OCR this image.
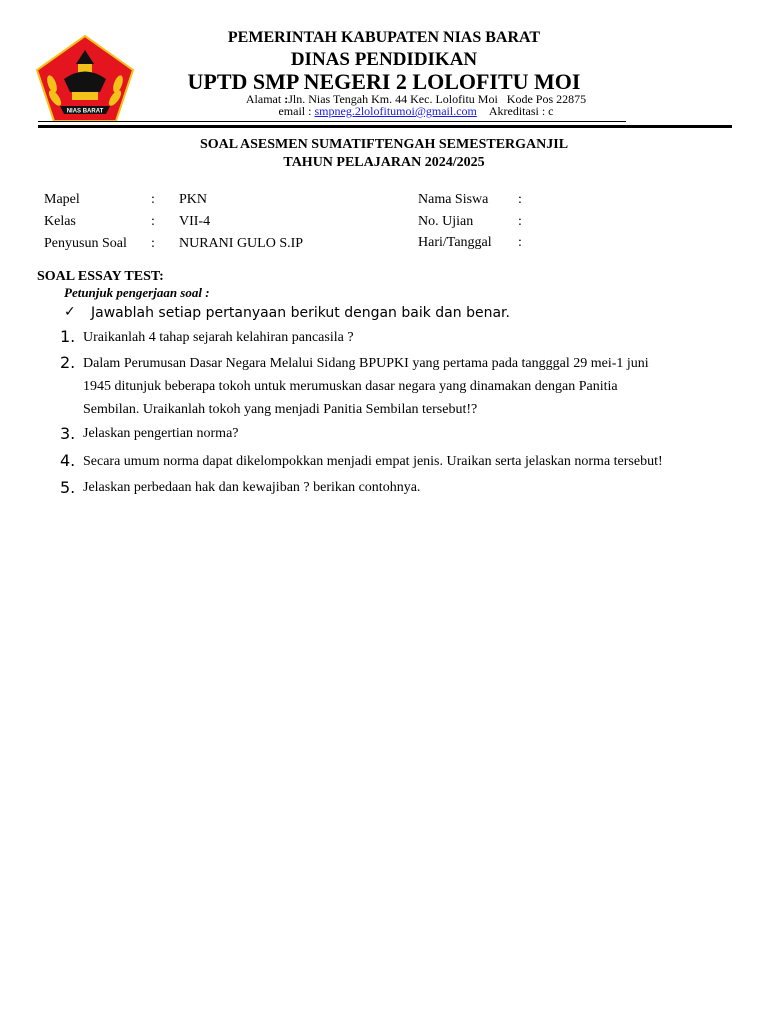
NIAS BARAT
PEMERINTAH KABUPATEN NIAS BARAT
DINAS PENDIDIKAN
UPTD SMP NEGERI 2 LOLOFITU MOI
Alamat :Jln. Nias Tengah Km. 44 Kec. Lolofitu Moi Kode Pos 22875
email : smpneg.2lolofitumoi@gmail.com Akreditasi : c
SOAL ASESMEN SUMATIFTENGAH SEMESTERGANJIL
TAHUN PELAJARAN 2024/2025
Mapel	: PKN
Kelas	: VII-4
Penyusun Soal : NURANI GULO S.IP
Nama Siswa :
No. Ujian	:
Hari/Tanggal :
SOAL ESSAY TEST:
Petunjuk pengerjaan soal :
✓ Jawablah setiap pertanyaan berikut dengan baik dan benar.
1. Uraikanlah 4 tahap sejarah kelahiran pancasila ?
2. Dalam Perumusan Dasar Negara Melalui Sidang BPUPKI yang pertama pada tangggal 29 mei-1 juni
1945 ditunjuk beberapa tokoh untuk merumuskan dasar negara yang dinamakan dengan Panitia
Sembilan. Uraikanlah tokoh yang menjadi Panitia Sembilan tersebut!?
3. Jelaskan pengertian norma?
4. Secara umum norma dapat dikelompokkan menjadi empat jenis. Uraikan serta jelaskan norma tersebut!
5. Jelaskan perbedaan hak dan kewajiban ? berikan contohnya.
